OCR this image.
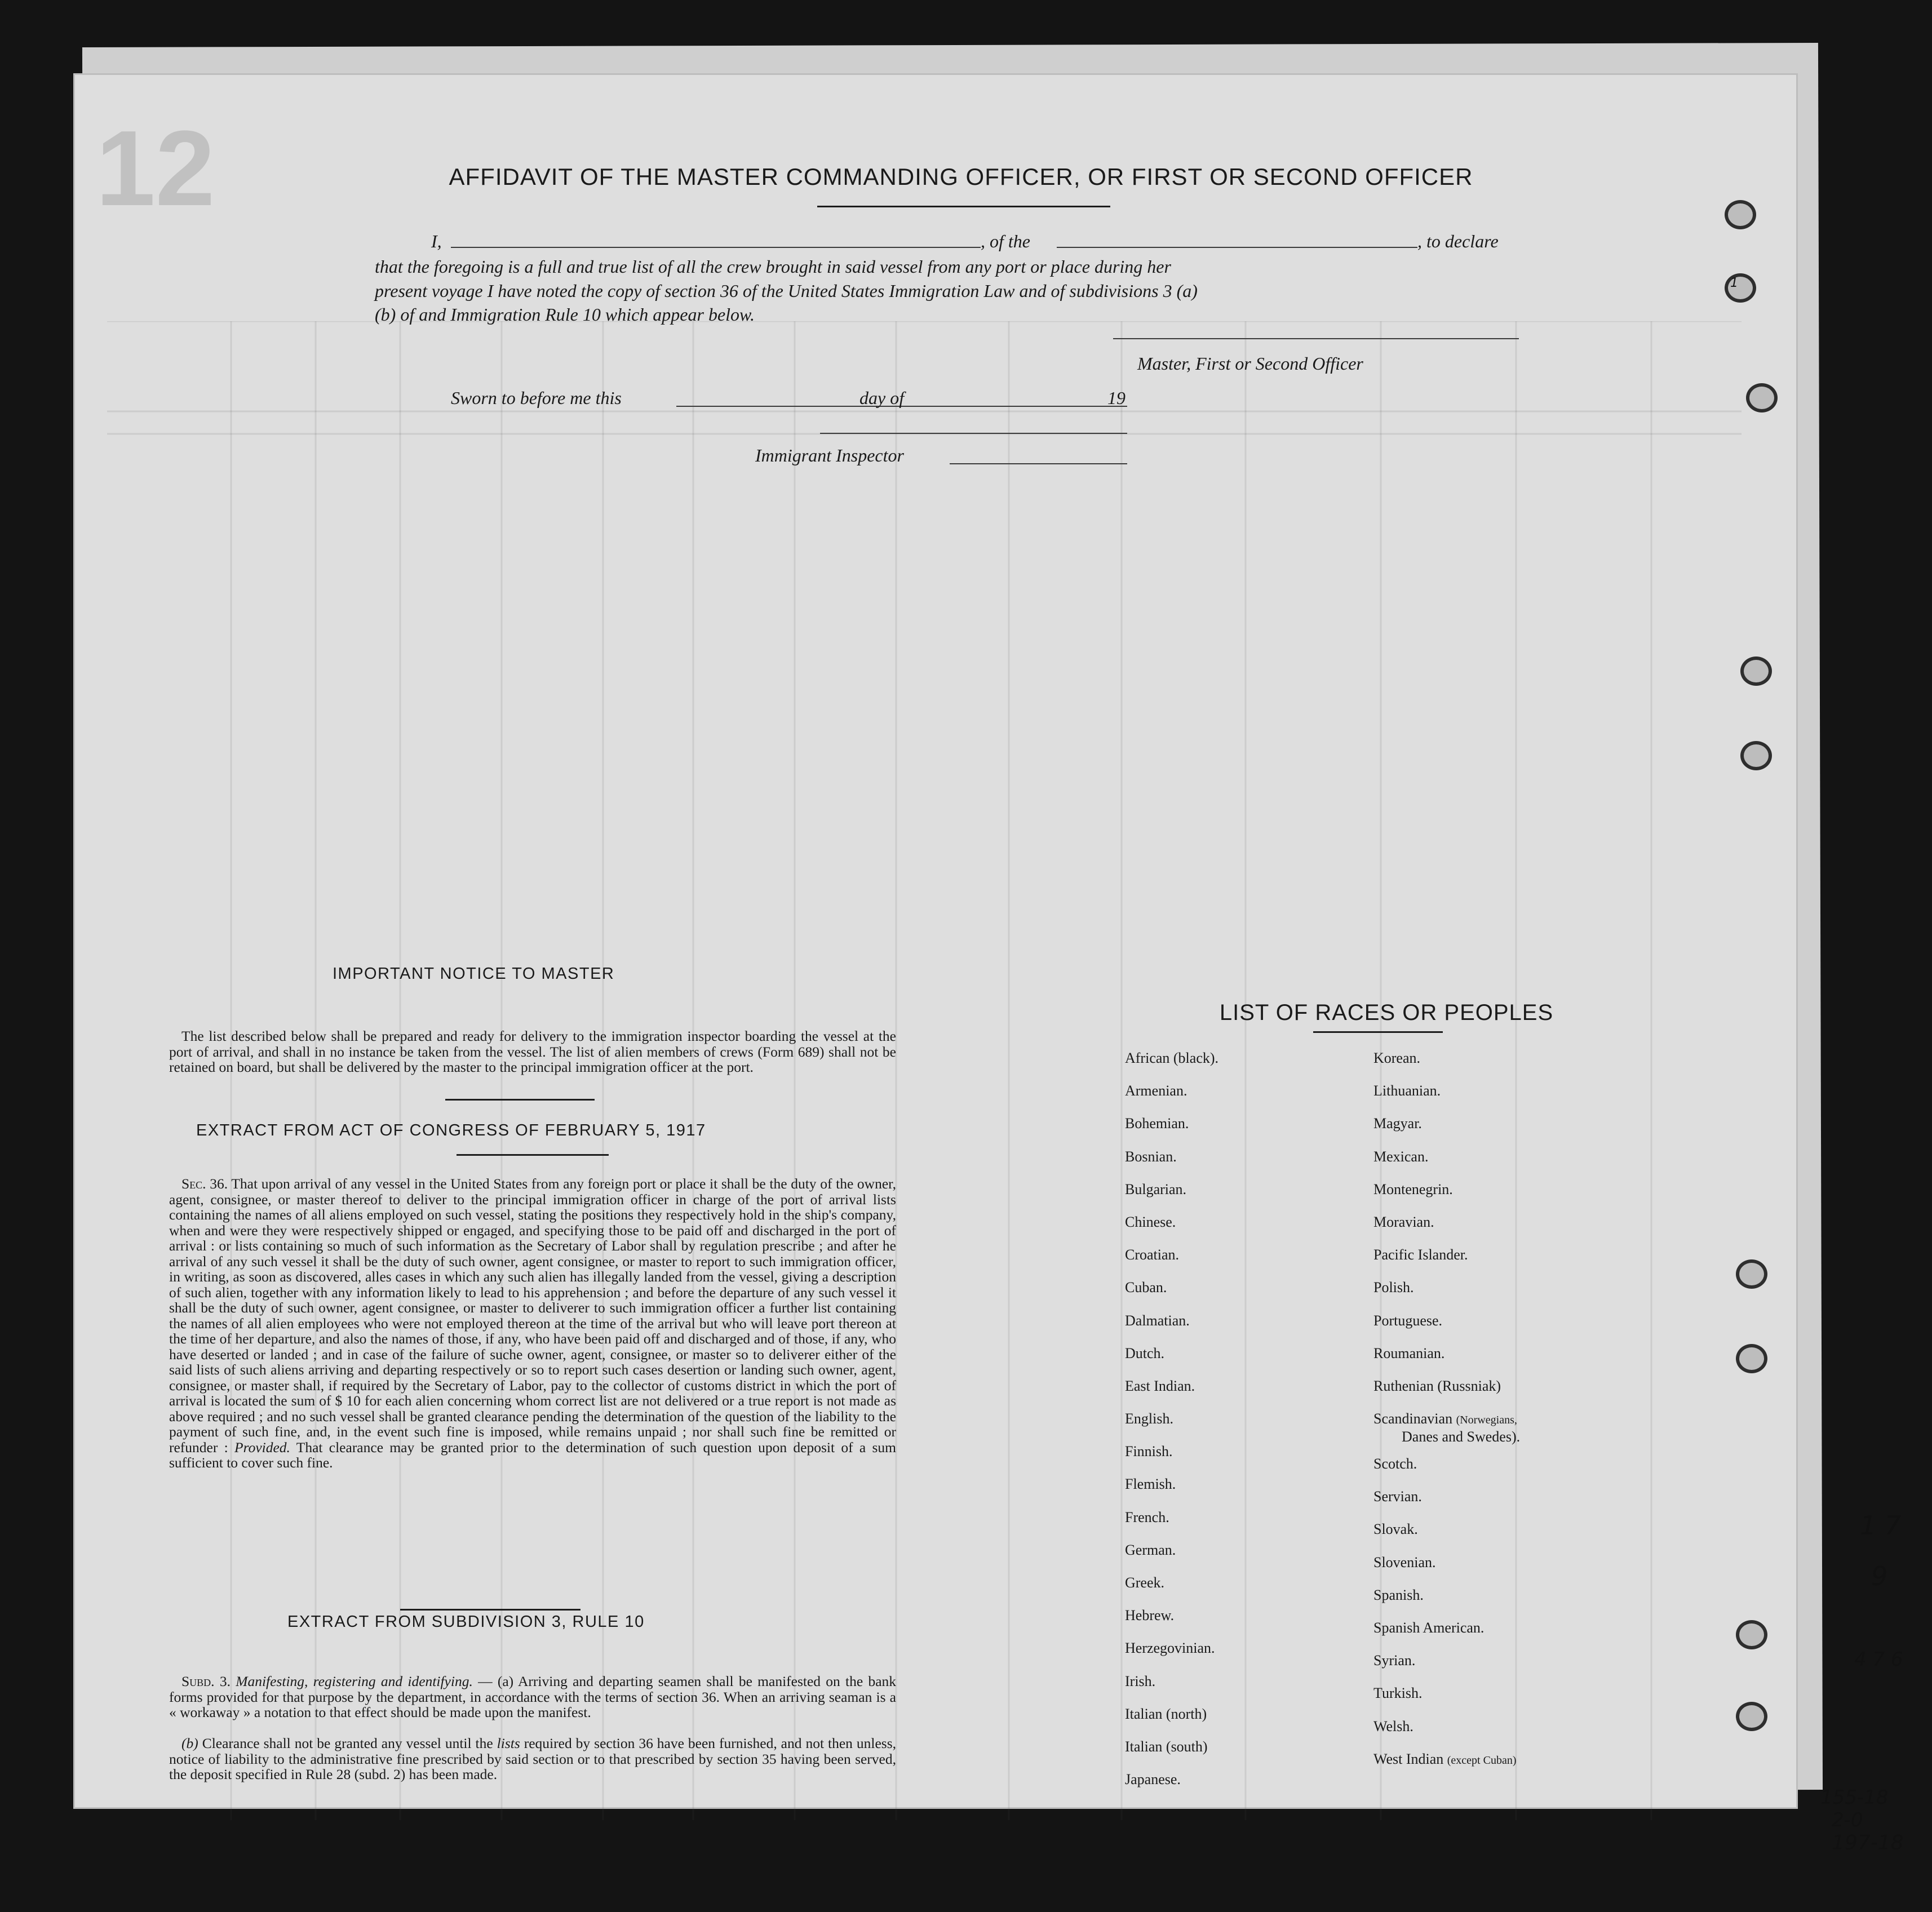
12	AFFIDAVIT OF THE MASTER COMMANDING OFFICER, OR FIRST OR SECOND OFFICER
I,	, of the	, to declare
that the foregoing is a full and true list of all the crew brought in said vessel from any port or place during her
present voyage I have noted the copy of section 36 of the United States Immigration Law and of subdivisions 3 (a)
(b) of and Immigration Rule 10 which appear below.
Master, First or Second Officer
Sworn to before me this	day of	19
Immigrant Inspector
IMPORTANT NOTICE TO MASTER
The list described below shall be prepared and ready for delivery to the immigration inspector boarding the vessel at the port of arrival, and shall in no instance be taken from the vessel. The list of alien members of crews (Form 689) shall not be retained on board, but shall be delivered by the master to the principal immigration officer at the port.
EXTRACT FROM ACT OF CONGRESS OF FEBRUARY 5, 1917
Sec. 36. That upon arrival of any vessel in the United States from any foreign port or place it shall be the duty of the owner, agent, consignee, or master thereof to deliver to the principal immigration officer in charge of the port of arrival lists containing the names of all aliens employed on such vessel, stating the positions they respectively hold in the ship's company, when and were they were respectively shipped or engaged, and specifying those to be paid off and discharged in the port of arrival : or lists containing so much of such information as the Secretary of Labor shall by regulation prescribe ; and after he arrival of any such vessel it shall be the duty of such owner, agent consignee, or master to report to such immigration officer, in writing, as soon as discovered, alles cases in which any such alien has illegally landed from the vessel, giving a description of such alien, together with any information likely to lead to his apprehension ; and before the departure of any such vessel it shall be the duty of such owner, agent consignee, or master to deliverer to such immigration officer a further list containing the names of all alien employees who were not employed thereon at the time of the arrival but who will leave port thereon at the time of her departure, and also the names of those, if any, who have been paid off and discharged and of those, if any, who have deserted or landed ; and in case of the failure of suche owner, agent, consignee, or master so to deliverer either of the said lists of such aliens arriving and departing respectively or so to report such cases desertion or landing such owner, agent, consignee, or master shall, if required by the Secretary of Labor, pay to the collector of customs district in which the port of arrival is located the sum of $ 10 for each alien concerning whom correct list are not delivered or a true report is not made as above required ; and no such vessel shall be granted clearance pending the determination of the question of the liability to the payment of such fine, and, in the event such fine is imposed, while remains unpaid ; nor shall such fine be remitted or refunder : Provided. That clearance may be granted prior to the determination of such question upon deposit of a sum sufficient to cover such fine.
EXTRACT FROM SUBDIVISION 3, RULE 10
Subd. 3. Manifesting, registering and identifying. — (a) Arriving and departing seamen shall be manifested on the bank forms provided for that purpose by the department, in accordance with the terms of section 36. When an arriving seaman is a « workaway » a notation to that effect should be made upon the manifest.
(b) Clearance shall not be granted any vessel until the lists required by section 36 have been furnished, and not then unless, notice of liability to the administrative fine prescribed by said section or to that prescribed by section 35 having been served, the deposit specified in Rule 28 (subd. 2) has been made.
LIST OF RACES OR PEOPLES
African (black).
Armenian.
Bohemian.
Bosnian.
Bulgarian.
Chinese.
Croatian.
Cuban.
Dalmatian.
Dutch.
East Indian.
English.
Finnish.
Flemish.
French.
German.
Greek.
Hebrew.
Herzegovinian.
Irish.
Italian (north)
Italian (south)
Japanese.
Korean.
Lithuanian.
Magyar.
Mexican.
Montenegrin.
Moravian.
Pacific Islander.
Polish.
Portuguese.
Roumanian.
Ruthenian (Russniak)
Scandinavian (Norwegians,
Danes and Swedes).
Scotch.
Servian.
Slovak.
Slovenian.
Spanish.
Spanish American.
Syrian.
Turkish.
Welsh.
West Indian (except Cuban)
1
1 7
9
4 7 6
155-18
2-0
197-18
